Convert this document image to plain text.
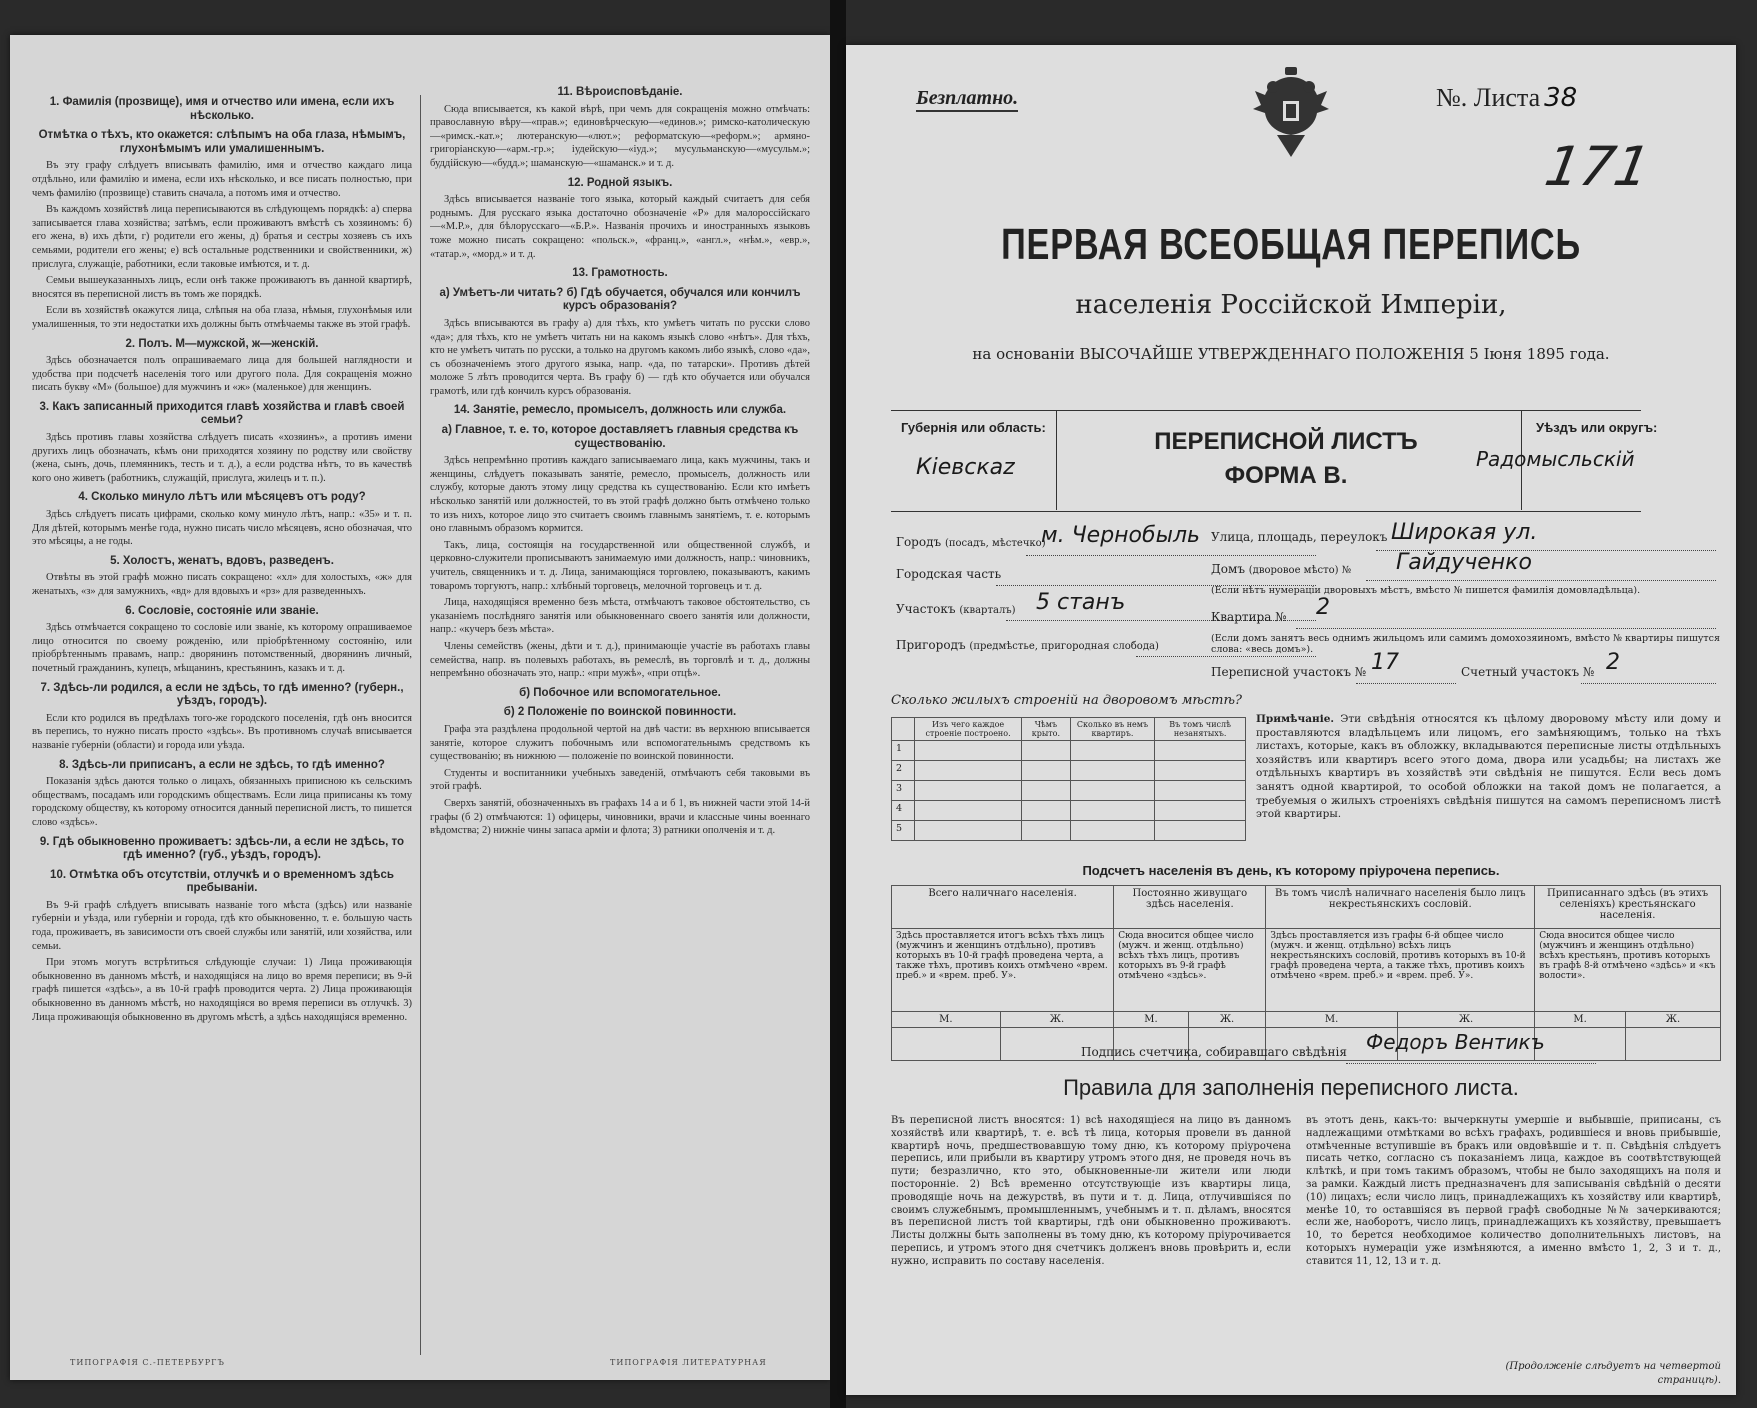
1. Фамилія (прозвище), имя и отчество или имена, если ихъ нѣсколько.
Отмѣтка о тѣхъ, кто окажется: слѣпымъ на оба глаза, нѣмымъ, глухонѣмымъ или умалишеннымъ.

Въ эту графу слѣдуетъ вписывать фамилію, имя и отчество каждаго лица отдѣльно, или фамилію и имена, если ихъ нѣсколько, и все писать полностью, при чемъ фамилію (прозвище) ставить сначала, а потомъ имя и отчество.

Въ каждомъ хозяйствѣ лица переписываются въ слѣдующемъ порядкѣ: а) сперва записывается глава хозяйства; затѣмъ, если проживаютъ вмѣстѣ съ хозяиномъ: б) его жена, в) ихъ дѣти, г) родители его жены, д) братья и сестры хозяевъ съ ихъ семьями, родители его жены; е) всѣ остальные родственники и свойственники, ж) прислуга, служащіе, работники, если таковые имѣются, и т. д.

Семьи вышеуказанныхъ лицъ, если онѣ также проживаютъ въ данной квартирѣ, вносятся въ переписной листъ въ томъ же порядкѣ.

Если въ хозяйствѣ окажутся лица, слѣпыя на оба глаза, нѣмыя, глухонѣмыя или умалишенныя, то эти недостатки ихъ должны быть отмѣчаемы также въ этой графѣ.

2. Полъ. М—мужской, ж—женскій.

Здѣсь обозначается полъ опрашиваемаго лица для большей наглядности и удобства при подсчетѣ населенія того или другого пола. Для сокращенія можно писать букву «М» (большое) для мужчинъ и «ж» (маленькое) для женщинъ.

3. Какъ записанный приходится главѣ хозяйства и главѣ своей семьи?

Здѣсь противъ главы хозяйства слѣдуетъ писать «хозяинъ», а противъ имени другихъ лицъ обозначать, кѣмъ они приходятся хозяину по родству или свойству (жена, сынъ, дочь, племянникъ, тесть и т. д.), а если родства нѣтъ, то въ качествѣ кого оно живетъ (работникъ, служащій, прислуга, жилецъ и т. п.).

4. Сколько минуло лѣтъ или мѣсяцевъ отъ роду?

Здѣсь слѣдуетъ писать цифрами, сколько кому минуло лѣтъ, напр.: «35» и т. п. Для дѣтей, которымъ менѣе года, нужно писать число мѣсяцевъ, ясно обозначая, что это мѣсяцы, а не годы.

5. Холостъ, женатъ, вдовъ, разведенъ.

Отвѣты въ этой графѣ можно писать сокращено: «хл» для холостыхъ, «ж» для женатыхъ, «з» для замужнихъ, «вд» для вдовыхъ и «рз» для разведенныхъ.

6. Сословіе, состояніе или званіе.

Здѣсь отмѣчается сокращено то сословіе или званіе, къ которому опрашиваемое лицо относится по своему рожденію, или пріобрѣтенному состоянію, или пріобрѣтеннымъ правамъ, напр.: дворянинъ потомственный, дворянинъ личный, почетный гражданинъ, купецъ, мѣщанинъ, крестьянинъ, казакъ и т. д.

7. Здѣсь-ли родился, а если не здѣсь, то гдѣ именно? (губерн., уѣздъ, городъ).

Если кто родился въ предѣлахъ того-же городского поселенія, гдѣ онъ вносится въ перепись, то нужно писать просто «здѣсь». Въ противномъ случаѣ вписывается названіе губерніи (области) и города или уѣзда.

8. Здѣсь-ли приписанъ, а если не здѣсь, то гдѣ именно?

Показанія здѣсь даются только о лицахъ, обязанныхъ приписною къ сельскимъ обществамъ, посадамъ или городскимъ обществамъ. Если лица приписаны къ тому городскому обществу, къ которому относится данный переписной листъ, то пишется слово «здѣсь».

9. Гдѣ обыкновенно проживаетъ: здѣсь-ли, а если не здѣсь, то гдѣ именно? (губ., уѣздъ, городъ).
10. Отмѣтка объ отсутствіи, отлучкѣ и о временномъ здѣсь пребываніи.

Въ 9-й графѣ слѣдуетъ вписывать названіе того мѣста (здѣсь) или названіе губерніи и уѣзда, или губерніи и города, гдѣ кто обыкновенно, т. е. большую часть года, проживаетъ, въ зависимости отъ своей службы или занятій, или хозяйства, или семьи.

При этомъ могутъ встрѣтиться слѣдующіе случаи: 1) Лица проживающія обыкновенно въ данномъ мѣстѣ, и находящіяся на лицо во время переписи; въ 9-й графѣ пишется «здѣсь», а въ 10-й графѣ проводится черта. 2) Лица проживающія обыкновенно въ данномъ мѣстѣ, но находящіяся во время переписи въ отлучкѣ. 3) Лица проживающія обыкновенно въ другомъ мѣстѣ, а здѣсь находящіяся временно.

11. Вѣроисповѣданіе.

Сюда вписывается, къ какой вѣрѣ, при чемъ для сокращенія можно отмѣчать: православную вѣру—«прав.»; единовѣрческую—«единов.»; римско-католическую—«римск.-кат.»; лютеранскую—«лют.»; реформатскую—«реформ.»; армяно-григоріанскую—«арм.-гр.»; іудейскую—«іуд.»; мусульманскую—«мусульм.»; буддійскую—«будд.»; шаманскую—«шаманск.» и т. д.

12. Родной языкъ.

Здѣсь вписывается названіе того языка, который каждый считаетъ для себя роднымъ. Для русскаго языка достаточно обозначеніе «Р» для малороссійскаго—«М.Р.», для бѣлорусскаго—«Б.Р.». Названія прочихъ и иностранныхъ языковъ тоже можно писать сокращено: «польск.», «франц.», «англ.», «нѣм.», «евр.», «татар.», «морд.» и т. д.

13. Грамотность.
а) Умѣетъ-ли читать? б) Гдѣ обучается, обучался или кончилъ курсъ образованія?

Здѣсь вписываются въ графу а) для тѣхъ, кто умѣетъ читать по русски слово «да»; для тѣхъ, кто не умѣетъ читать ни на какомъ языкѣ слово «нѣтъ». Для тѣхъ, кто не умѣетъ читать по русски, а только на другомъ какомъ либо языкѣ, слово «да», съ обозначеніемъ этого другого языка, напр. «да, по татарски». Противъ дѣтей моложе 5 лѣтъ проводится черта. Въ графу б) — гдѣ кто обучается или обучался грамотѣ, или гдѣ кончилъ курсъ образованія.

14. Занятіе, ремесло, промыселъ, должность или служба.
а) Главное, т. е. то, которое доставляетъ главныя средства къ существованію.

Здѣсь непремѣнно противъ каждаго записываемаго лица, какъ мужчины, такъ и женщины, слѣдуетъ показывать занятіе, ремесло, промыселъ, должность или службу, которые даютъ этому лицу средства къ существованію. Если кто имѣетъ нѣсколько занятій или должностей, то въ этой графѣ должно быть отмѣчено только то изъ нихъ, которое лицо это считаетъ своимъ главнымъ занятіемъ, т. е. которымъ оно главнымъ образомъ кормится.

Такъ, лица, состоящія на государственной или общественной службѣ, и церковно-служители прописываютъ занимаемую ими должность, напр.: чиновникъ, учитель, священникъ и т. д. Лица, занимающіяся торговлею, показываютъ, какимъ товаромъ торгуютъ, напр.: хлѣбный торговецъ, мелочной торговецъ и т. д.

Лица, находящіяся временно безъ мѣста, отмѣчаютъ таковое обстоятельство, съ указаніемъ послѣдняго занятія или обыкновеннаго своего занятія или должности, напр.: «кучеръ безъ мѣста».

Члены семействъ (жены, дѣти и т. д.), принимающіе участіе въ работахъ главы семейства, напр. въ полевыхъ работахъ, въ ремеслѣ, въ торговлѣ и т. д., должны непремѣнно обозначать это, напр.: «при мужѣ», «при отцѣ».

б) Побочное или вспомогательное.
б) 2 Положеніе по воинской повинности.

Графа эта раздѣлена продольной чертой на двѣ части: въ верхнюю вписывается занятіе, которое служитъ побочнымъ или вспомогательнымъ средствомъ къ существованію; въ нижнюю — положеніе по воинской повинности.

Студенты и воспитанники учебныхъ заведеній, отмѣчаютъ себя таковыми въ этой графѣ.

Сверхъ занятій, обозначенныхъ въ графахъ 14 а и б 1, въ нижней части этой 14-й графы (б 2) отмѣчаются: 1) офицеры, чиновники, врачи и классные чины военнаго вѣдомства; 2) нижніе чины запаса арміи и флота; 3) ратники ополченія и т. д.

ТИПОГРАФІЯ С.-ПЕТЕРБУРГЪ	ТИПОГРАФІЯ ЛИТЕРАТУРНАЯ
Безплатно.	№. Листа 38
171
ПЕРВАЯ ВСЕОБЩАЯ ПЕРЕПИСЬ
населенія Россійской Имперіи,
на основаніи ВЫСОЧАЙШЕ УТВЕРЖДЕННАГО ПОЛОЖЕНІЯ 5 Іюня 1895 года.
ПЕРЕПИСНОЙ ЛИСТЪ
ФОРМА В.
Губернія или область:
Кiевскаz
Уѣздъ или округъ:
Радомысльскiй
Городъ (посадъ, мѣстечко)
м. Чернобыль
Городская часть
Участокъ (кварталъ) 5 станъ
Пригородъ (предмѣстье, пригородная слобода)
Улица, площадь, переулокъ Широкая ул.
Домъ (дворовое мѣсто) № Гайдученко
(Если нѣтъ нумераціи дворовыхъ мѣстъ, вмѣсто № пишется фамилія домовладѣльца).
Квартира № 2
(Если домъ занятъ весь однимъ жильцомъ или самимъ домохозяиномъ, вмѣсто № квартиры пишутся слова: «весь домъ»).
Переписной участокъ № 17	Счетный участокъ № 2
Сколько жилыхъ строеній на дворовомъ мѣстѣ?
	Изъ чего каждое строеніе построено.	Чѣмъ крыто.	Сколько въ немъ квартиръ.	Въ томъ числѣ незанятыхъ.
1				
2				
3				
4				
5				
Примѣчаніе. Эти свѣдѣнія относятся къ цѣлому дворовому мѣсту или дому и проставляются владѣльцемъ или лицомъ, его замѣняющимъ, только на тѣхъ листахъ, которые, какъ въ обложку, вкладываются переписные листы отдѣльныхъ хозяйствъ или квартиръ всего этого дома, двора или усадьбы; на листахъ же отдѣльныхъ квартиръ въ хозяйствѣ эти свѣдѣнія не пишутся. Если весь домъ занятъ одной квартирой, то особой обложки на такой домъ не полагается, а требуемыя о жилыхъ строеніяхъ свѣдѣнія пишутся на самомъ переписномъ листѣ этой квартиры.
Подсчетъ населенія въ день, къ которому пріурочена перепись.
Всего наличнаго населенія.		Постоянно живущаго здѣсь населенія.		Въ томъ числѣ наличнаго населенія было лицъ некрестьянскихъ сословій.		Приписаннаго здѣсь (въ этихъ селеніяхъ) крестьянскаго населенія.	
Здѣсь проставляется итогъ всѣхъ тѣхъ лицъ (мужчинъ и женщинъ отдѣльно), противъ которыхъ въ 10-й графѣ проведена черта, а также тѣхъ, противъ коихъ отмѣчено «врем. преб.» и «врем. преб. У».		Сюда вносится общее число (мужч. и женщ. отдѣльно) всѣхъ тѣхъ лицъ, противъ которыхъ въ 9-й графѣ отмѣчено «здѣсь».		Здѣсь проставляется изъ графы 6-й общее число (мужч. и женщ. отдѣльно) всѣхъ лицъ некрестьянскихъ сословій, противъ которыхъ въ 10-й графѣ проведена черта, а также тѣхъ, противъ коихъ отмѣчено «врем. преб.» и «врем. преб. У».		Сюда вносится общее число (мужчинъ и женщинъ отдѣльно) всѣхъ крестьянъ, противъ которыхъ въ графѣ 8-й отмѣчено «здѣсь» и «къ волости».	
М.	Ж.	М.	Ж.	М.	Ж.	М.	Ж.

Подпись счетчика, собиравшаго свѣдѣнія Федоръ Вентикъ
Правила для заполненія переписного листа.
Въ переписной листъ вносятся: 1) всѣ находящіеся на лицо въ данномъ хозяйствѣ или квартирѣ, т. е. всѣ тѣ лица, которыя провели въ данной квартирѣ ночь, предшествовавшую тому дню, къ которому пріурочена перепись, или прибыли въ квартиру утромъ этого дня, не проведя ночь въ пути; безразлично, кто это, обыкновенные-ли жители или люди посторонніе. 2) Всѣ временно отсутствующіе изъ квартиры лица, проводящіе ночь на дежурствѣ, въ пути и т. д. Лица, отлучившіяся по своимъ служебнымъ, промышленнымъ, учебнымъ и т. п. дѣламъ, вносятся въ переписной листъ той квартиры, гдѣ они обыкновенно проживаютъ. Листы должны быть заполнены въ тому дню, къ которому пріурочивается перепись, и утромъ этого дня счетчикъ долженъ вновь провѣрить и, если нужно, исправить по составу населенія.
въ этотъ день, какъ-то: вычеркнуты умершіе и выбывшіе, приписаны, съ надлежащими отмѣтками во всѣхъ графахъ, родившіеся и вновь прибывшіе, отмѣченные вступившіе въ бракъ или овдовѣвшіе и т. п. Свѣдѣнія слѣдуетъ писать четко, согласно съ показаніемъ лица, каждое въ соотвѣтствующей клѣткѣ, и при томъ такимъ образомъ, чтобы не было заходящихъ на поля и за рамки. Каждый листъ предназначенъ для записыванія свѣдѣній о десяти (10) лицахъ; если число лицъ, принадлежащихъ къ хозяйству или квартирѣ, менѣе 10, то оставшіяся въ первой графѣ свободные №№ зачеркиваются; если же, наоборотъ, число лицъ, принадлежащихъ къ хозяйству, превышаетъ 10, то берется необходимое количество дополнительныхъ листовъ, на которыхъ нумераціи уже измѣняются, а именно вмѣсто 1, 2, 3 и т. д., ставится 11, 12, 13 и т. д.
(Продолженіе слѣдуетъ на четвертой страницѣ).
